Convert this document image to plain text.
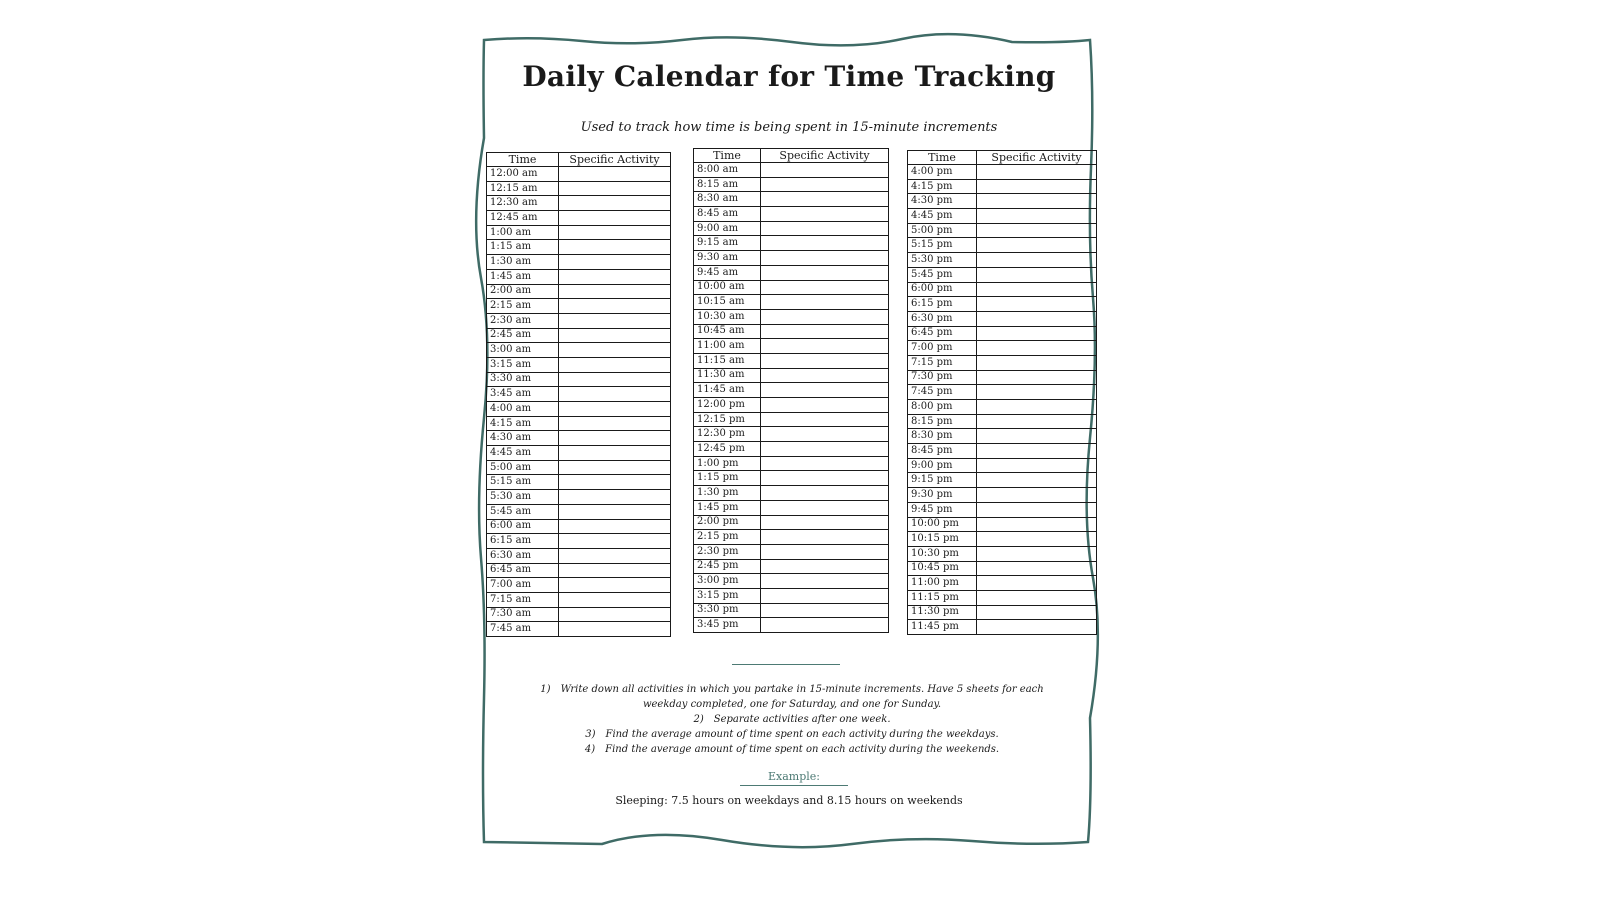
Daily Calendar for Time Tracking
Used to track how time is being spent in 15-minute increments
Time	Specific Activity
12:00 am	
12:15 am	
12:30 am	
12:45 am	
1:00 am	
1:15 am	
1:30 am	
1:45 am	
2:00 am	
2:15 am	
2:30 am	
2:45 am	
3:00 am	
3:15 am	
3:30 am	
3:45 am	
4:00 am	
4:15 am	
4:30 am	
4:45 am	
5:00 am	
5:15 am	
5:30 am	
5:45 am	
6:00 am	
6:15 am	
6:30 am	
6:45 am	
7:00 am	
7:15 am	
7:30 am	
7:45 am	
Time	Specific Activity
8:00 am	
8:15 am	
8:30 am	
8:45 am	
9:00 am	
9:15 am	
9:30 am	
9:45 am	
10:00 am	
10:15 am	
10:30 am	
10:45 am	
11:00 am	
11:15 am	
11:30 am	
11:45 am	
12:00 pm	
12:15 pm	
12:30 pm	
12:45 pm	
1:00 pm	
1:15 pm	
1:30 pm	
1:45 pm	
2:00 pm	
2:15 pm	
2:30 pm	
2:45 pm	
3:00 pm	
3:15 pm	
3:30 pm	
3:45 pm	
Time	Specific Activity
4:00 pm	
4:15 pm	
4:30 pm	
4:45 pm	
5:00 pm	
5:15 pm	
5:30 pm	
5:45 pm	
6:00 pm	
6:15 pm	
6:30 pm	
6:45 pm	
7:00 pm	
7:15 pm	
7:30 pm	
7:45 pm	
8:00 pm	
8:15 pm	
8:30 pm	
8:45 pm	
9:00 pm	
9:15 pm	
9:30 pm	
9:45 pm	
10:00 pm	
10:15 pm	
10:30 pm	
10:45 pm	
11:00 pm	
11:15 pm	
11:30 pm	
11:45 pm	

1) Write down all activities in which you partake in 15-minute increments. Have 5 sheets for each weekday completed, one for Saturday, and one for Sunday.

2) Separate activities after one week.

3) Find the average amount of time spent on each activity during the weekdays.

4) Find the average amount of time spent on each activity during the weekends.

Example:
Sleeping: 7.5 hours on weekdays and 8.15 hours on weekends
